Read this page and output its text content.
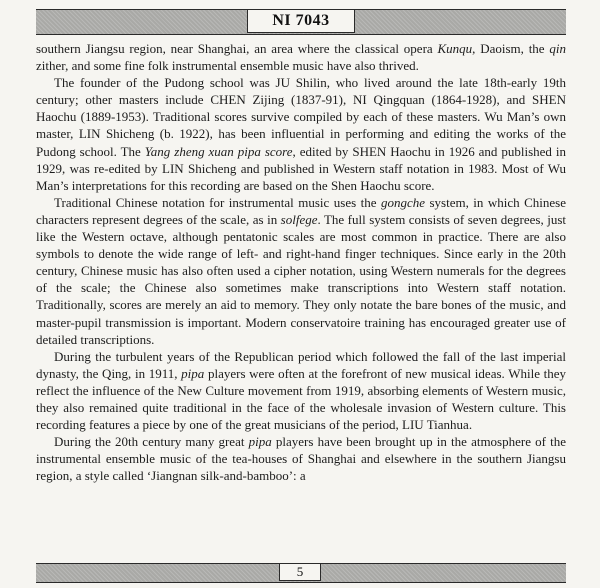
NI 7043

southern Jiangsu region, near Shanghai, an area where the classical opera Kunqu, Daoism, the qin zither, and some fine folk instrumental ensemble music have also thrived.

The founder of the Pudong school was JU Shilin, who lived around the late 18th-early 19th century; other masters include CHEN Zijing (1837-91), NI Qingquan (1864-1928), and SHEN Haochu (1889-1953). Traditional scores survive compiled by each of these masters. Wu Man’s own master, LIN Shicheng (b. 1922), has been influential in performing and editing the works of the Pudong school. The Yang zheng xuan pipa score, edited by SHEN Haochu in 1926 and published in 1929, was re-edited by LIN Shicheng and published in Western staff notation in 1983. Most of Wu Man’s interpretations for this recording are based on the Shen Haochu score.

Traditional Chinese notation for instrumental music uses the gongche system, in which Chinese characters represent degrees of the scale, as in solfege. The full system consists of seven degrees, just like the Western octave, although pentatonic scales are most common in practice. There are also symbols to denote the wide range of left- and right-hand finger techniques. Since early in the 20th century, Chinese music has also often used a cipher notation, using Western numerals for the degrees of the scale; the Chinese also sometimes make transcriptions into Western staff notation. Traditionally, scores are merely an aid to memory. They only notate the bare bones of the music, and master-pupil transmission is important. Modern conservatoire training has encouraged greater use of detailed transcriptions.

During the turbulent years of the Republican period which followed the fall of the last imperial dynasty, the Qing, in 1911, pipa players were often at the forefront of new musical ideas. While they reflect the influence of the New Culture movement from 1919, absorbing elements of Western music, they also remained quite traditional in the face of the wholesale invasion of Western culture. This recording features a piece by one of the great musicians of the period, LIU Tianhua.

During the 20th century many great pipa players have been brought up in the atmosphere of the instrumental ensemble music of the tea-houses of Shanghai and elsewhere in the southern Jiangsu region, a style called ‘Jiangnan silk-and-bamboo’: a

5
